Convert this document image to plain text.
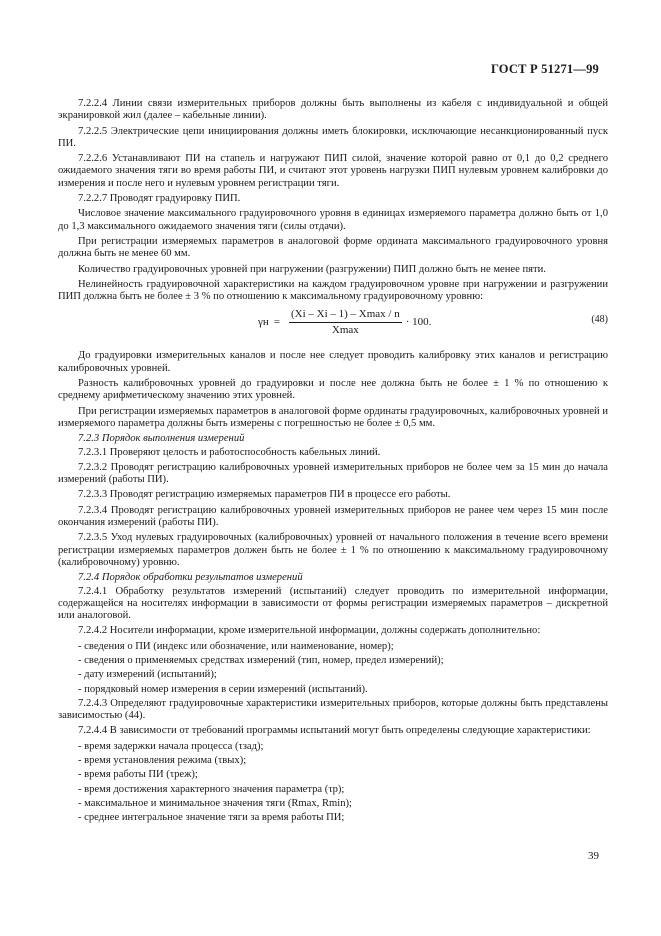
ГОСТ Р 51271—99

7.2.2.4 Линии связи измерительных приборов должны быть выполнены из кабеля с индивидуальной и общей экранировкой жил (далее – кабельные линии).

7.2.2.5 Электрические цепи инициирования должны иметь блокировки, исключающие несанкционированный пуск ПИ.

7.2.2.6 Устанавливают ПИ на стапель и нагружают ПИП силой, значение которой равно от 0,1 до 0,2 среднего ожидаемого значения тяги во время работы ПИ, и считают этот уровень нагрузки ПИП нулевым уровнем калибровки до измерения и после него и нулевым уровнем регистрации тяги.

7.2.2.7 Проводят градуировку ПИП.

Числовое значение максимального градуировочного уровня в единицах измеряемого параметра должно быть от 1,0 до 1,3 максимального ожидаемого значения тяги (силы отдачи).

При регистрации измеряемых параметров в аналоговой форме ордината максимального градуировочного уровня должна быть не менее 60 мм.

Количество градуировочных уровней при нагружении (разгружении) ПИП должно быть не менее пяти.

Нелинейность градуировочной характеристики на каждом градуировочном уровне при нагружении и разгружении ПИП должна быть не более ± 3 % по отношению к максимальному градуировочному уровню:

$\gamma н = \frac{(Xi - Xi - 1) - Xmax / n}{Xmax} \cdot 100$.	(48)

До градуировки измерительных каналов и после нее следует проводить калибровку этих каналов и регистрацию калибровочных уровней.

Разность калибровочных уровней до градуировки и после нее должна быть не более ± 1 % по отношению к среднему арифметическому значению этих уровней.

При регистрации измеряемых параметров в аналоговой форме ординаты градуировочных, калибровочных уровней и измеряемого параметра должны быть измерены с погрешностью не более ± 0,5 мм.

7.2.3 Порядок выполнения измерений

7.2.3.1 Проверяют целость и работоспособность кабельных линий.

7.2.3.2 Проводят регистрацию калибровочных уровней измерительных приборов не более чем за 15 мин до начала измерений (работы ПИ).

7.2.3.3 Проводят регистрацию измеряемых параметров ПИ в процессе его работы.

7.2.3.4 Проводят регистрацию калибровочных уровней измерительных приборов не ранее чем через 15 мин после окончания измерений (работы ПИ).

7.2.3.5 Уход нулевых градуировочных (калибровочных) уровней от начального положения в течение всего времени регистрации измеряемых параметров должен быть не более ± 1 % по отношению к максимальному градуировочному (калибровочному) уровню.

7.2.4 Порядок обработки результатов измерений

7.2.4.1 Обработку результатов измерений (испытаний) следует проводить по измерительной информации, содержащейся на носителях информации в зависимости от формы регистрации измеряемых параметров – дискретной или аналоговой.

7.2.4.2 Носители информации, кроме измерительной информации, должны содержать дополнительно:

- сведения о ПИ (индекс или обозначение, или наименование, номер);
- сведения о применяемых средствах измерений (тип, номер, предел измерений);
- дату измерений (испытаний);
- порядковый номер измерения в серии измерений (испытаний).

7.2.4.3 Определяют градуировочные характеристики измерительных приборов, которые должны быть представлены зависимостью (44).

7.2.4.4 В зависимости от требований программы испытаний могут быть определены следующие характеристики:

- время задержки начала процесса (τзад);
- время установления режима (τвых);
- время работы ПИ (τреж);
- время достижения характерного значения параметра (τр);
- максимальное и минимальное значения тяги (Rmax, Rmin);
- среднее интегральное значение тяги за время работы ПИ;
39
